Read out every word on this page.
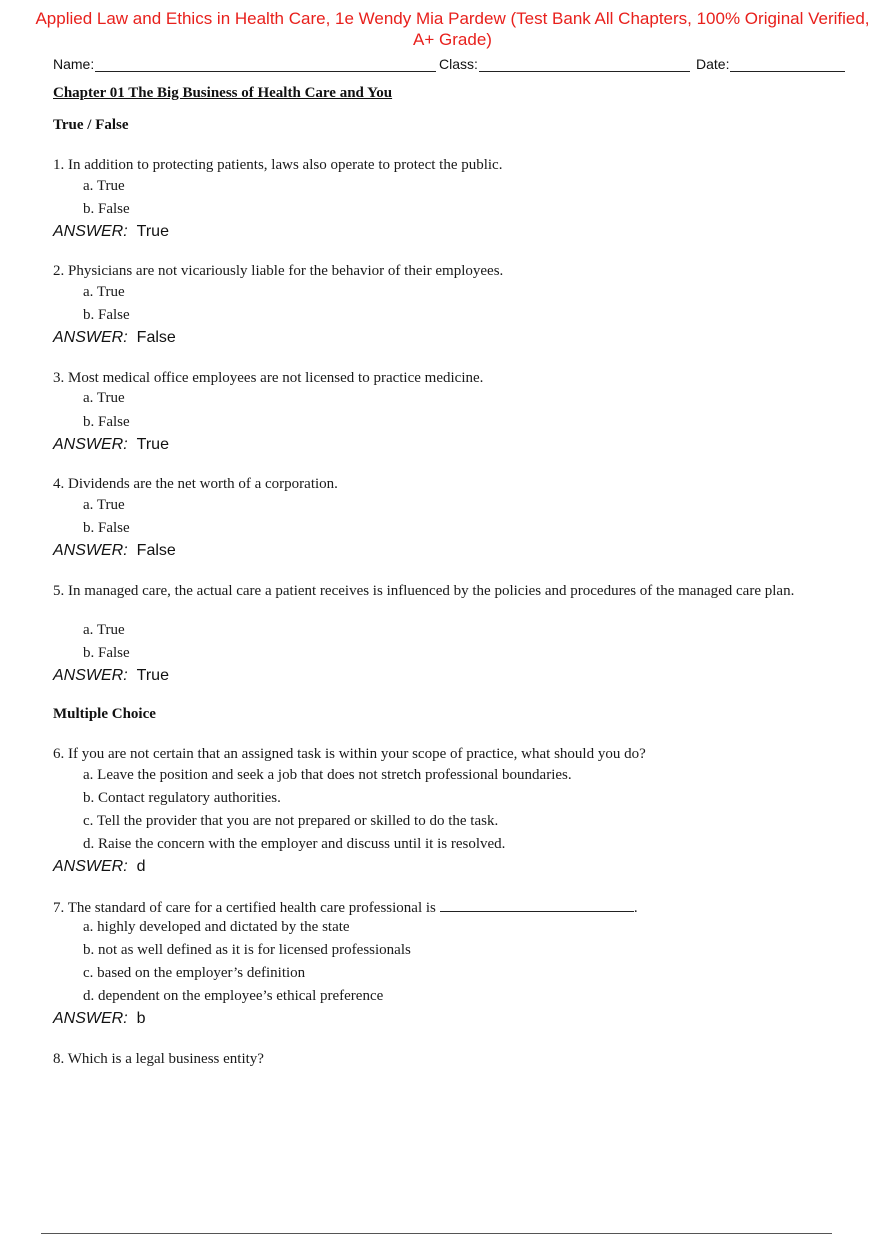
Applied Law and Ethics in Health Care, 1e Wendy Mia Pardew (Test Bank All Chapters, 100% Original Verified, A+ Grade)
Name:	Class:	Date:
Chapter 01 The Big Business of Health Care and You
True / False
1. In addition to protecting patients, laws also operate to protect the public.
a. True
b. False
ANSWER: True
2. Physicians are not vicariously liable for the behavior of their employees.
a. True
b. False
ANSWER: False
3. Most medical office employees are not licensed to practice medicine.
a. True
b. False
ANSWER: True
4. Dividends are the net worth of a corporation.
a. True
b. False
ANSWER: False
5. In managed care, the actual care a patient receives is influenced by the policies and procedures of the managed care plan.
a. True
b. False
ANSWER: True
Multiple Choice
6. If you are not certain that an assigned task is within your scope of practice, what should you do?
a. Leave the position and seek a job that does not stretch professional boundaries.
b. Contact regulatory authorities.
c. Tell the provider that you are not prepared or skilled to do the task.
d. Raise the concern with the employer and discuss until it is resolved.
ANSWER: d
7. The standard of care for a certified health care professional is	.
a. highly developed and dictated by the state
b. not as well defined as it is for licensed professionals
c. based on the employer’s definition
d. dependent on the employee’s ethical preference
ANSWER: b
8. Which is a legal business entity?
